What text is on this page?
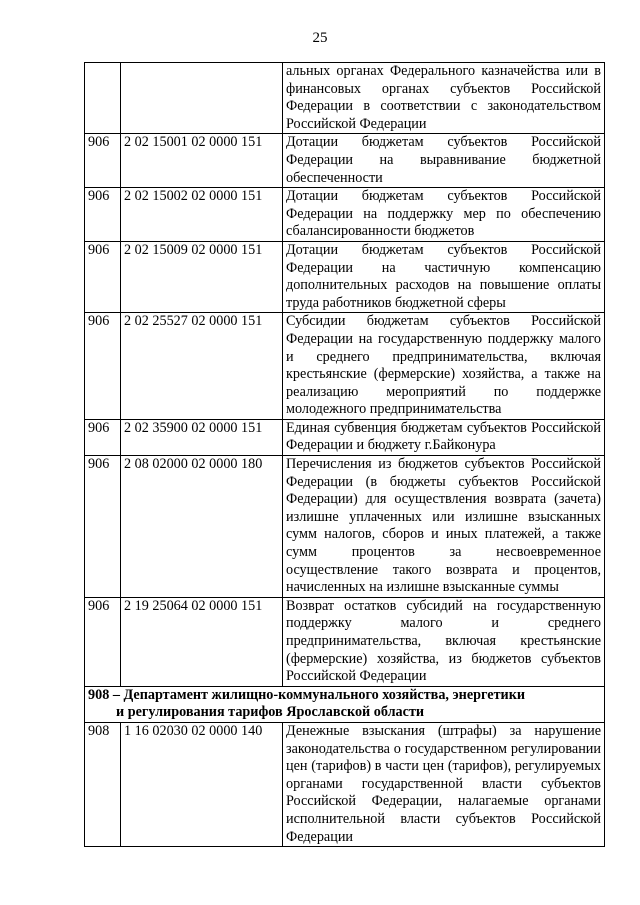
25
		альных органах Федерального казначейства или в финансовых органах субъектов Российской Федерации в соответствии с законодательством Российской Федерации
906	2 02 15001 02 0000 151	Дотации бюджетам субъектов Российской Федерации на выравнивание бюджетной обеспеченности
906	2 02 15002 02 0000 151	Дотации бюджетам субъектов Российской Федерации на поддержку мер по обеспечению сбалансированности бюджетов
906	2 02 15009 02 0000 151	Дотации бюджетам субъектов Российской Федерации на частичную компенсацию дополнительных расходов на повышение оплаты труда работников бюджетной сферы
906	2 02 25527 02 0000 151	Субсидии бюджетам субъектов Российской Федерации на государственную поддержку малого и среднего предпринимательства, включая крестьянские (фермерские) хозяйства, а также на реализацию мероприятий по поддержке молодежного предпринимательства
906	2 02 35900 02 0000 151	Единая субвенция бюджетам субъектов Российской Федерации и бюджету г.Байконура
906	2 08 02000 02 0000 180	Перечисления из бюджетов субъектов Российской Федерации (в бюджеты субъектов Российской Федерации) для осуществления возврата (зачета) излишне уплаченных или излишне взысканных сумм налогов, сборов и иных платежей, а также сумм процентов за несвоевременное осуществление такого возврата и процентов, начисленных на излишне взысканные суммы
906	2 19 25064 02 0000 151	Возврат остатков субсидий на государственную поддержку малого и среднего предпринимательства, включая крестьянские (фермерские) хозяйства, из бюджетов субъектов Российской Федерации
908 – Департамент жилищно-коммунального хозяйства, энергетики
и регулирования тарифов Ярославской области		

908	1 16 02030 02 0000 140	Денежные взыскания (штрафы) за нарушение законодательства о государственном регулировании цен (тарифов) в части цен (тарифов), регулируемых органами государственной власти субъектов Российской Федерации, налагаемые органами исполнительной власти субъектов Российской Федерации
